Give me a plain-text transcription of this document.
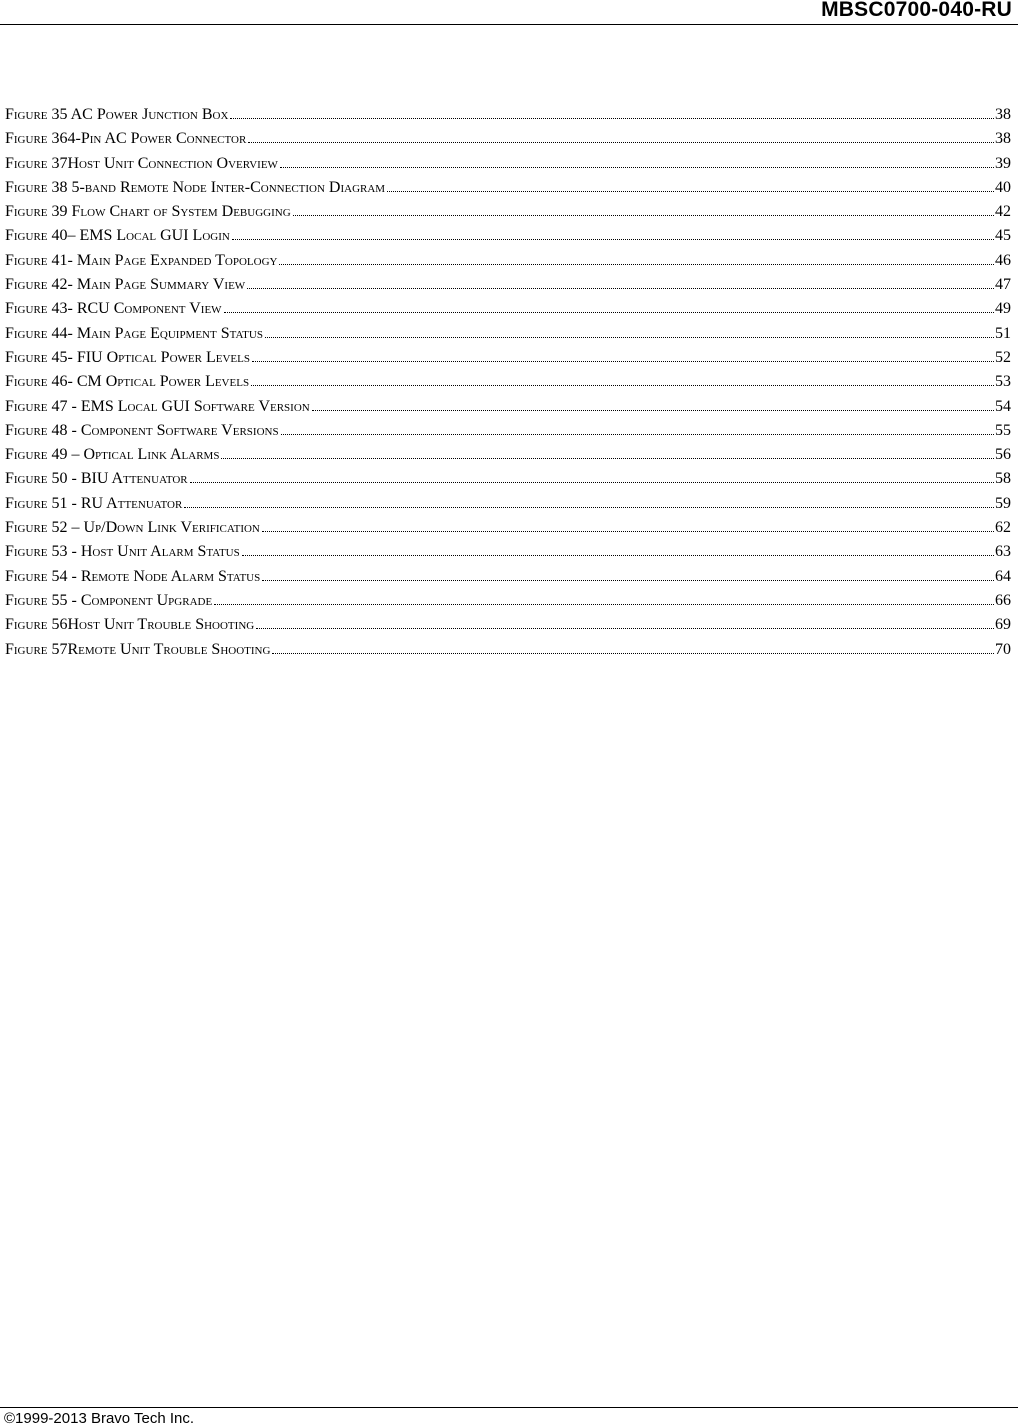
MBSC0700-040-RU
Figure 35 AC Power Junction Box	38
Figure 364-Pin AC Power Connector	38
Figure 37Host Unit Connection Overview	39
Figure 38 5-band Remote Node Inter-Connection Diagram	40
Figure 39 Flow Chart of System Debugging	42
Figure 40– EMS Local GUI Login	45
Figure 41- Main Page Expanded Topology	46
Figure 42- Main Page Summary View	47
Figure 43- RCU Component View	49
Figure 44- Main Page Equipment Status	51
Figure 45- FIU Optical Power Levels	52
Figure 46- CM Optical Power Levels	53
Figure 47 - EMS Local GUI Software Version	54
Figure 48 - Component Software Versions	55
Figure 49 – Optical Link Alarms	56
Figure 50 - BIU Attenuator	58
Figure 51 - RU Attenuator	59
Figure 52 – Up/Down Link Verification	62
Figure 53 - Host Unit Alarm Status	63
Figure 54 - Remote Node Alarm Status	64
Figure 55 - Component Upgrade	66
Figure 56Host Unit Trouble Shooting	69
Figure 57Remote Unit Trouble Shooting	70
©1999-2013 Bravo Tech Inc.
